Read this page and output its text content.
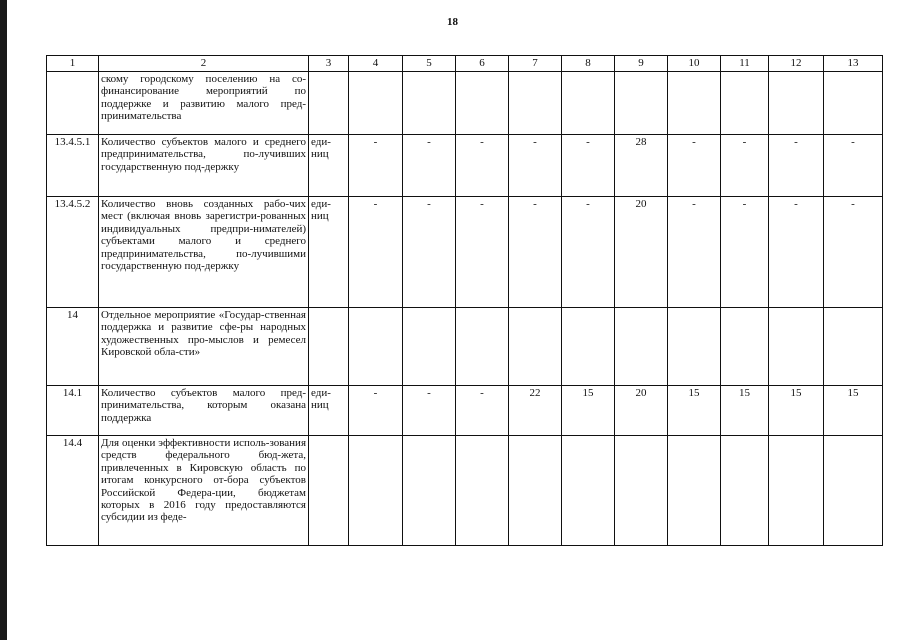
18
1	2	3	4	5	6	7	8	9	10	11	12	13
	скому городскому поселению на со-финансирование мероприятий по поддержке и развитию малого пред-принимательства											
13.4.5.1	Количество субъектов малого и среднего предпринимательства, по-лучивших государственную под-держку	еди-ниц	-	-	-	-	-	28	-	-	-	-
13.4.5.2	Количество вновь созданных рабо-чих мест (включая вновь зарегистри-рованных индивидуальных предпри-нимателей) субъектами малого и среднего предпринимательства, по-лучившими государственную под-держку	еди-ниц	-	-	-	-	-	20	-	-	-	-
14	Отдельное мероприятие «Государ-ственная поддержка и развитие сфе-ры народных художественных про-мыслов и ремесел Кировской обла-сти»											
14.1	Количество субъектов малого пред-принимательства, которым оказана поддержка	еди-ниц	-	-	-	22	15	20	15	15	15	15
14.4	Для оценки эффективности исполь-зования средств федерального бюд-жета, привлеченных в Кировскую область по итогам конкурсного от-бора субъектов Российской Федера-ции, бюджетам которых в 2016 году предоставляются субсидии из феде-											
